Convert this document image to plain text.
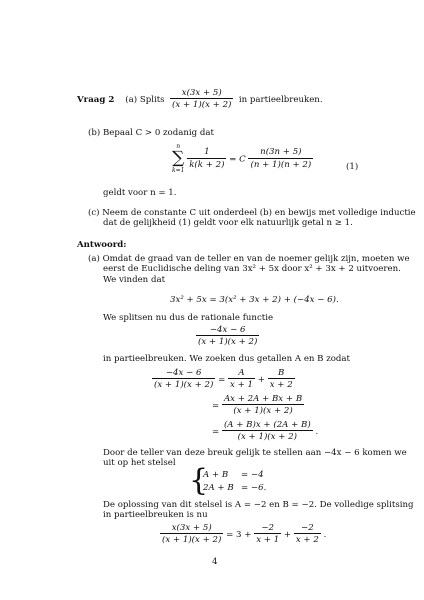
Vraag 2 (a) Splits $\frac{x(3x + 5)}{(x + 1)(x + 2)}$ in partieelbreuken.
(b) Bepaal C > 0 zodanig dat
n
∑
k=1

$\frac{1}{k(k + 2)} = C \frac{n(3n + 5)}{(n + 1)(n + 2)}$	(1)
geldt voor n = 1.
(c) Neem de constante C uit onderdeel (b) en bewijs met volledige inductie
dat de gelijkheid (1) geldt voor elk natuurlijk getal n ≥ 1.
Antwoord:
(a) Omdat de graad van de teller en van de noemer gelijk zijn, moeten we
eerst de Euclidische deling van 3x² + 5x door x² + 3x + 2 uitvoeren.
We vinden dat
3x² + 5x = 3(x² + 3x + 2) + (−4x − 6).
We splitsen nu dus de rationale functie
$\frac{-4x - 6}{(x + 1)(x + 2)}$
in partieelbreuken. We zoeken dus getallen A en B zodat
$\frac{-4x - 6}{(x + 1)(x + 2)} = \frac{A}{x + 1} + \frac{B}{x + 2}$
= $\frac{Ax + 2A + Bx + B}{(x + 1)(x + 2)}$
= $\frac{(A + B)x + (2A + B)}{(x + 1)(x + 2)}$ .
Door de teller van deze breuk gelijk te stellen aan −4x − 6 komen we
uit op het stelsel {
A + B = −4
2A + B = −6.
De oplossing van dit stelsel is A = −2 en B = −2. De volledige splitsing
in partieelbreuken is nu
$\frac{x(3x + 5)}{(x + 1)(x + 2)} = 3 + \frac{-2}{x + 1} + \frac{-2}{x + 2}$ .
4
